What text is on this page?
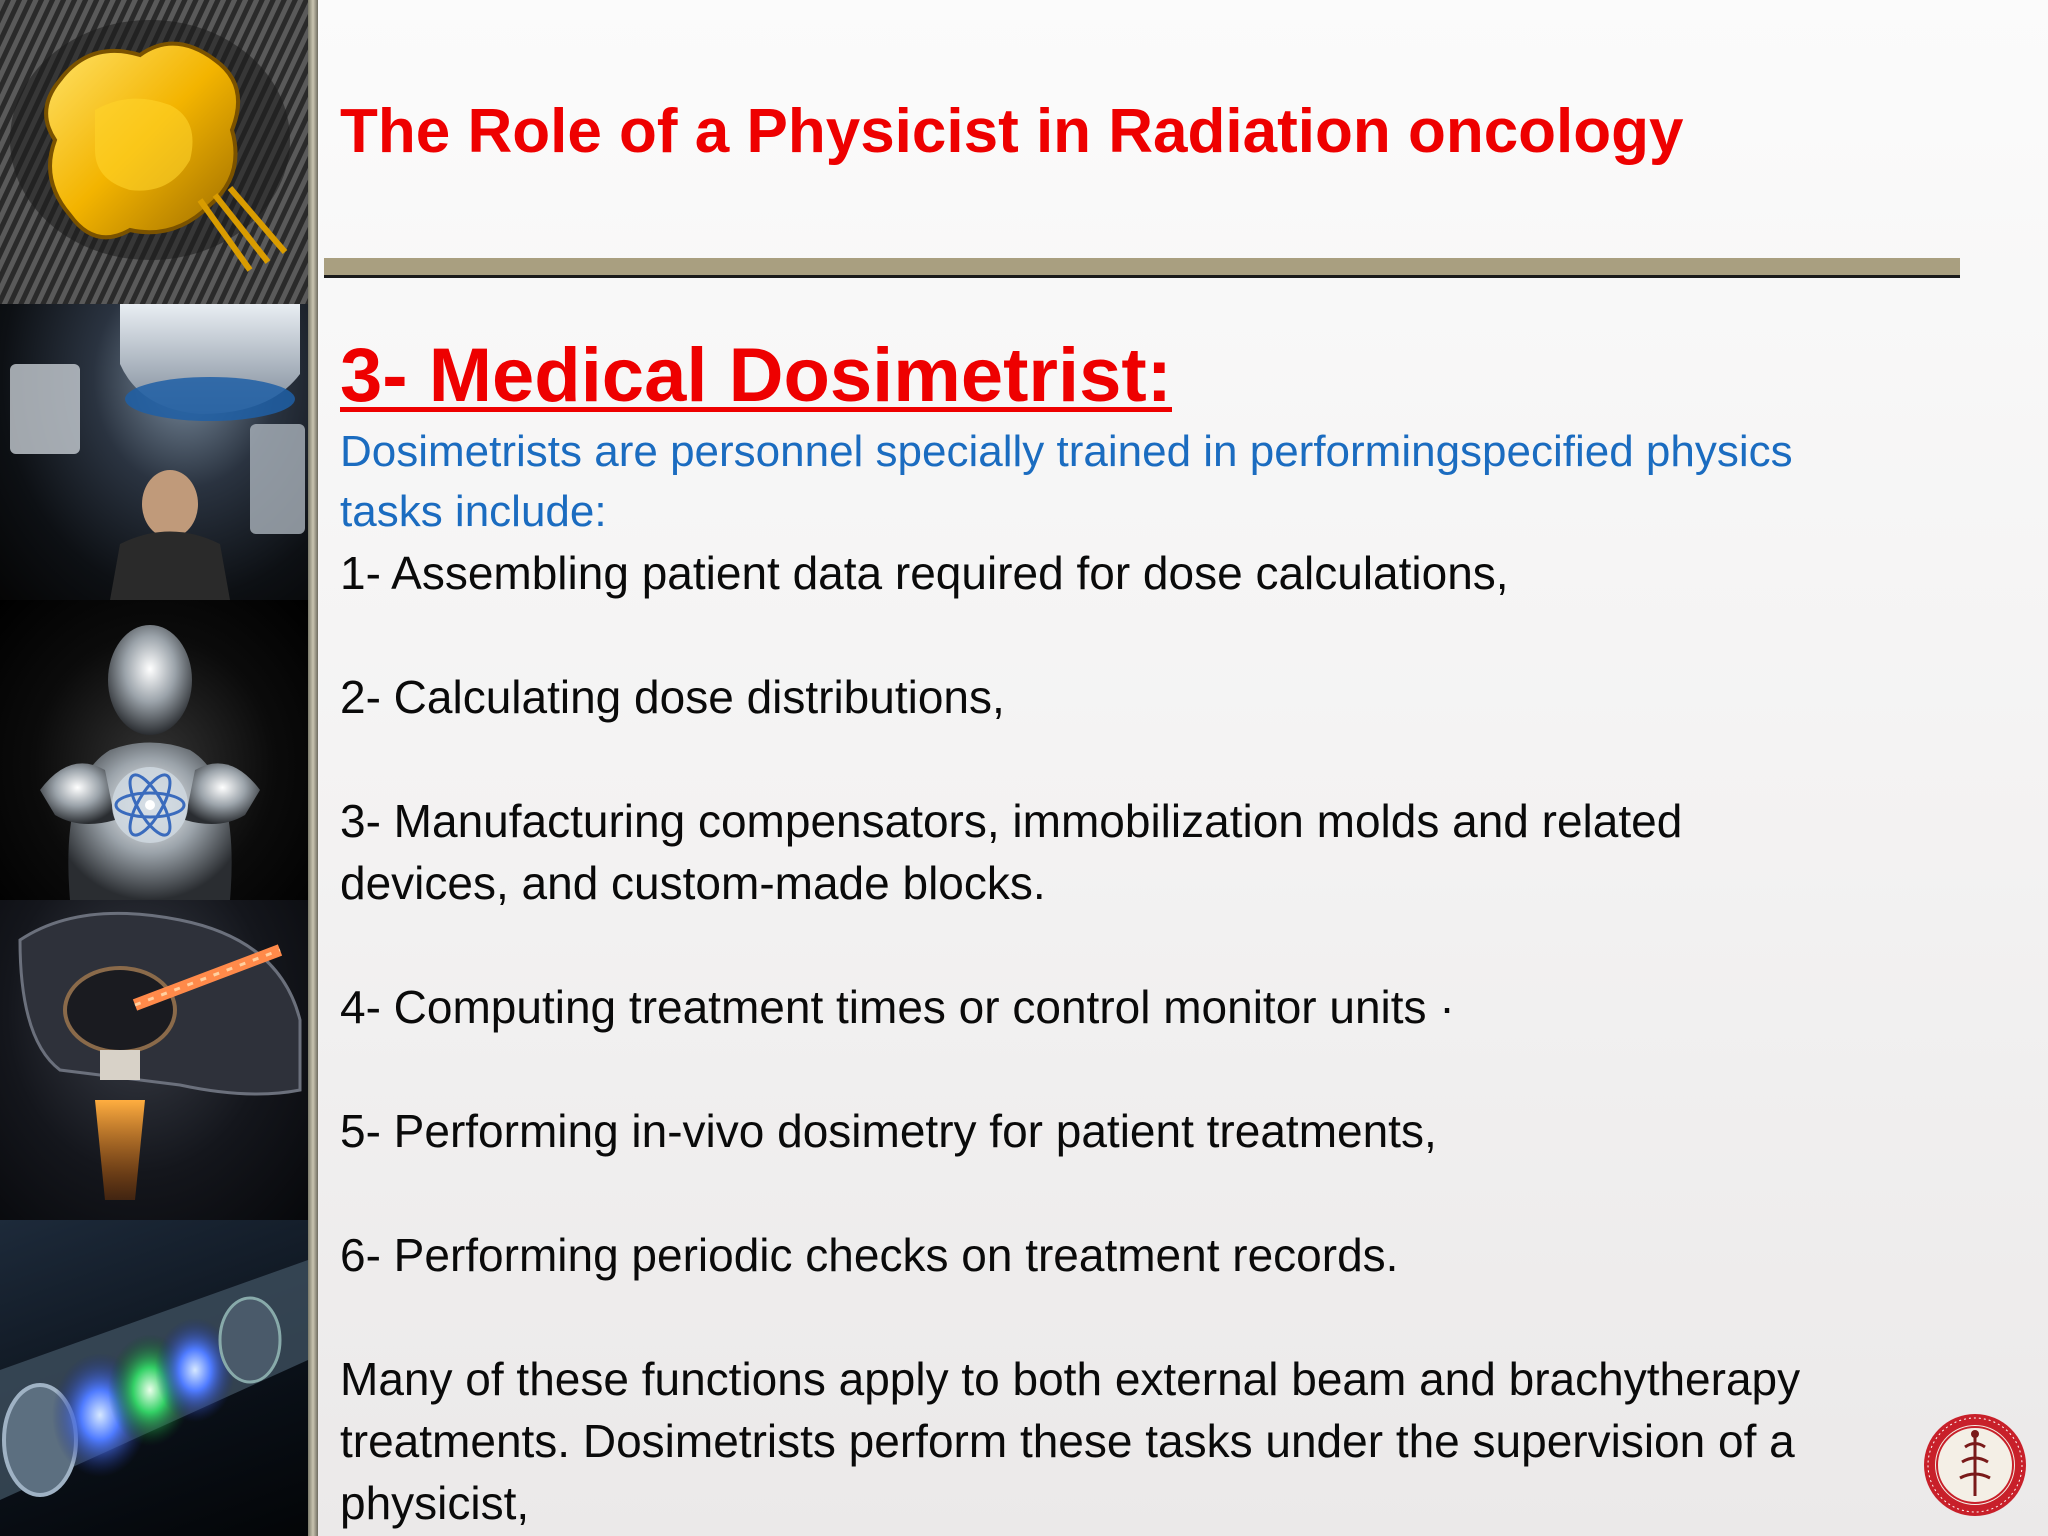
The Role of a Physicist in Radiation oncology
3- Medical Dosimetrist:

Dosimetrists are personnel specially trained in performingspecified physics

tasks include:

1- Assembling patient data required for dose calculations,

2- Calculating dose distributions,

3- Manufacturing compensators, immobilization molds and related
devices, and custom-made blocks.

4- Computing treatment times or control monitor units ·

5- Performing in-vivo dosimetry for patient treatments,

6- Performing periodic checks on treatment records.

Many of these functions apply to both external beam and brachytherapy
treatments. Dosimetrists perform these tasks under the supervision of a
physicist,
